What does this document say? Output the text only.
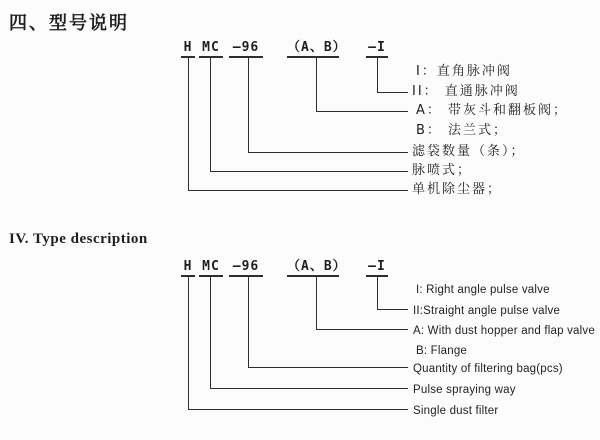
四、型号说明
H MC —96 （A、B） —I
I：直角脉冲阀
II： 直通脉冲阀
A： 带灰斗和翻板阀；
B： 法兰式；
滤袋数量（条）；
脉喷式；
单机除尘器；
IV. Type description
H MC —96 （A、B） —I
I: Right angle pulse valve
II:Straight angle pulse valve
A: With dust hopper and flap valve
B: Flange
Quantity of filtering bag(pcs)
Pulse spraying way
Single dust filter
